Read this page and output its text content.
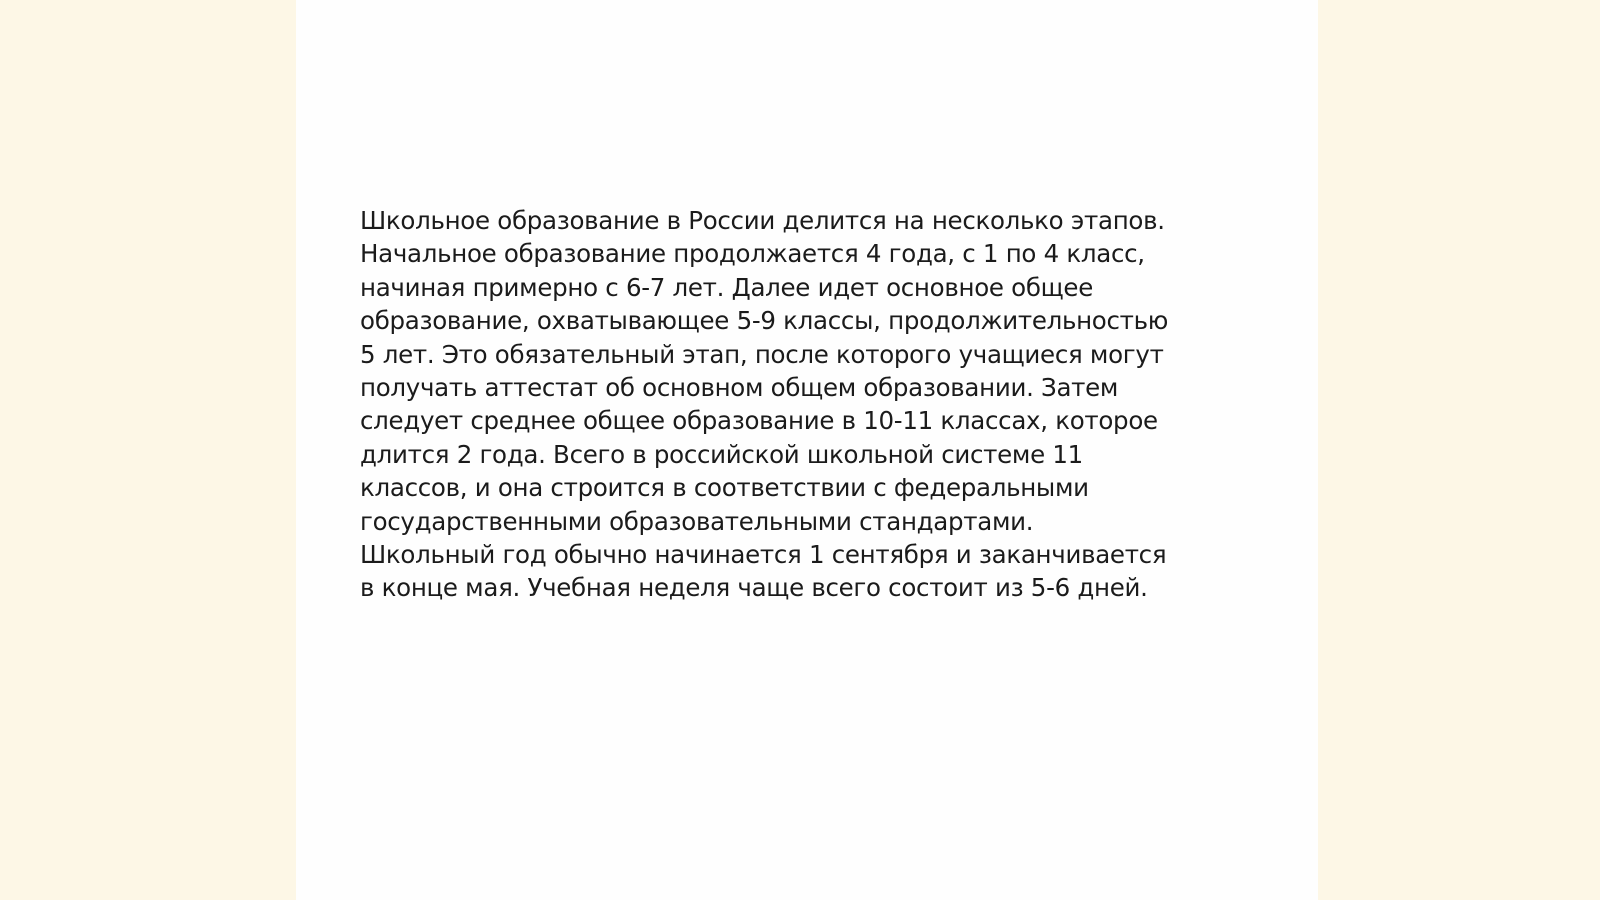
Школьное образование в России делится на несколько этапов.
Начальное образование продолжается 4 года, с 1 по 4 класс,
начиная примерно с 6-7 лет. Далее идет основное общее
образование, охватывающее 5-9 классы, продолжительностью
5 лет. Это обязательный этап, после которого учащиеся могут
получать аттестат об основном общем образовании. Затем
следует среднее общее образование в 10-11 классах, которое
длится 2 года. Всего в российской школьной системе 11
классов, и она строится в соответствии с федеральными
государственными образовательными стандартами.
Школьный год обычно начинается 1 сентября и заканчивается
в конце мая. Учебная неделя чаще всего состоит из 5-6 дней.
